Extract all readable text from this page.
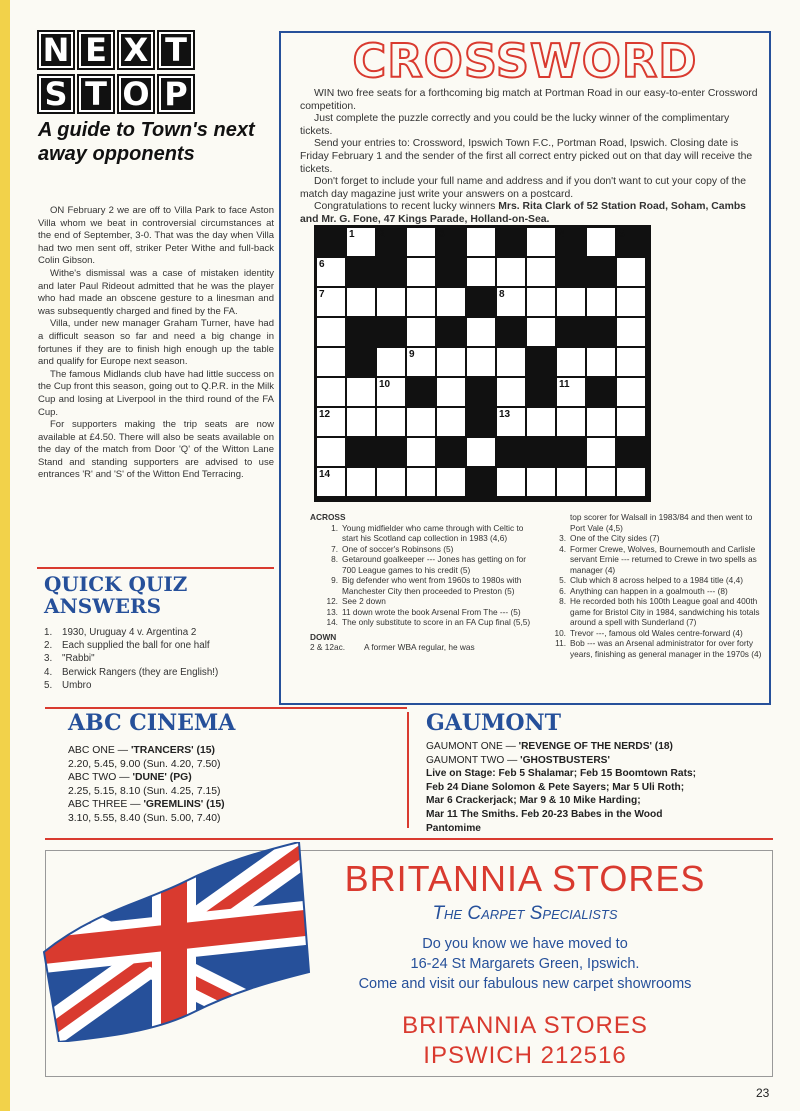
N E X T
S T O P
A guide to Town's next away opponents

ON February 2 we are off to Villa Park to face Aston Villa whom we beat in controversial circumstances at the end of September, 3-0. That was the day when Villa had two men sent off, striker Peter Withe and full-back Colin Gibson.

Withe's dismissal was a case of mistaken identity and later Paul Rideout admitted that he was the player who had made an obscene gesture to a linesman and was subsequently charged and fined by the FA.

Villa, under new manager Graham Turner, have had a difficult season so far and need a big change in fortunes if they are to finish high enough up the table and qualify for Europe next season.

The famous Midlands club have had little success on the Cup front this season, going out to Q.P.R. in the Milk Cup and losing at Liverpool in the third round of the FA Cup.

For supporters making the trip seats are now available at £4.50. There will also be seats available on the day of the match from Door 'Q' of the Witton Lane Stand and standing supporters are advised to use entrances 'R' and 'S' of the Witton End Terracing.

QUICK QUIZ
ANSWERS
1. 1930, Uruguay 4 v. Argentina 2
2. Each supplied the ball for one half
3. "Rabbi"
4. Berwick Rangers (they are English!)
5. Umbro
CROSSWORD

WIN two free seats for a forthcoming big match at Portman Road in our easy-to-enter Crossword competition.

Just complete the puzzle correctly and you could be the lucky winner of the complimentary tickets.

Send your entries to: Crossword, Ipswich Town F.C., Portman Road, Ipswich. Closing date is Friday February 1 and the sender of the first all correct entry picked out on that day will receive the tickets.

Don't forget to include your full name and address and if you don't want to cut your copy of the match day magazine just write your answers on a postcard.

Congratulations to recent lucky winners Mrs. Rita Clark of 52 Station Road, Soham, Cambs and Mr. G. Fone, 47 Kings Parade, Holland-on-Sea.

1 2	3	4	5
6
7	8
9
10	11
12	13
14
ACROSS
1. Young midfielder who came through with Celtic to start his Scotland cap collection in 1983 (4,6)
7. One of soccer's Robinsons (5)
8. Getaround goalkeeper --- Jones has getting on for 700 League games to his credit (5)
9. Big defender who went from 1960s to 1980s with Manchester City then proceeded to Preston (5)
12. See 2 down
13. 11 down wrote the book Arsenal From The --- (5)
14. The only substitute to score in an FA Cup final (5,5)
DOWN
2 & 12ac.	A former WBA regular, he was
top scorer for Walsall in 1983/84 and then went to Port Vale (4,5)
3. One of the City sides (7)
4. Former Crewe, Wolves, Bournemouth and Carlisle servant Ernie --- returned to Crewe in two spells as manager (4)
5. Club which 8 across helped to a 1984 title (4,4)
6. Anything can happen in a goalmouth --- (8)
8. He recorded both his 100th League goal and 400th game for Bristol City in 1984, sandwiching his totals around a spell with Sunderland (7)
10. Trevor ---, famous old Wales centre-forward (4)
11. Bob --- was an Arsenal administrator for over forty years, finishing as general manager in the 1970s (4)
ABC CINEMA
ABC ONE — 'TRANCERS' (15)
2.20, 5.45, 9.00 (Sun. 4.20, 7.50)
ABC TWO — 'DUNE' (PG)
2.25, 5.15, 8.10 (Sun. 4.25, 7.15)
ABC THREE — 'GREMLINS' (15)
3.10, 5.55, 8.40 (Sun. 5.00, 7.40)
GAUMONT
GAUMONT ONE — 'REVENGE OF THE NERDS' (18)
GAUMONT TWO — 'GHOSTBUSTERS'
Live on Stage: Feb 5 Shalamar; Feb 15 Boomtown Rats;
Feb 24 Diane Solomon & Pete Sayers; Mar 5 Uli Roth;
Mar 6 Crackerjack; Mar 9 & 10 Mike Harding;
Mar 11 The Smiths. Feb 20-23 Babes in the Wood
Pantomime
BRITANNIA STORES
The Carpet Specialists
Do you know we have moved to
16-24 St Margarets Green, Ipswich.
Come and visit our fabulous new carpet showrooms
BRITANNIA STORES
IPSWICH 212516
23
